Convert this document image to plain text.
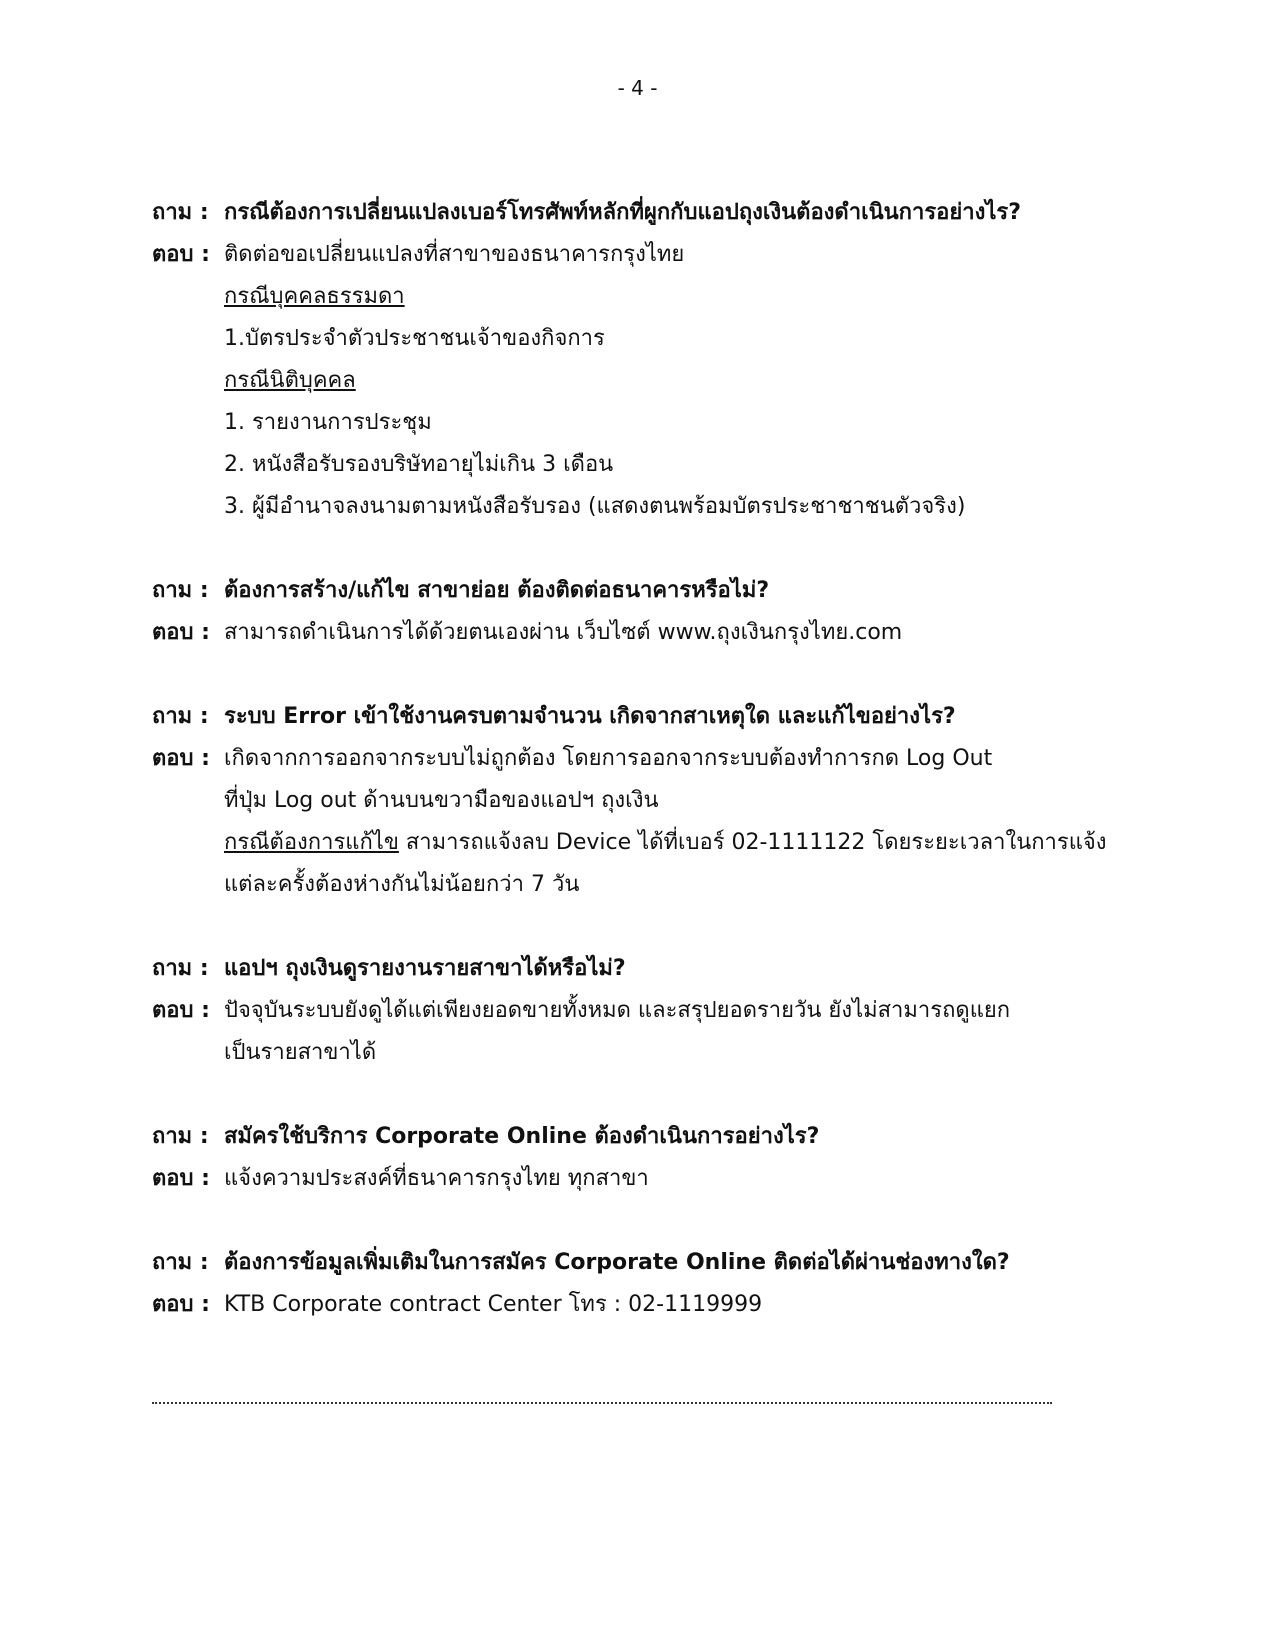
- 4 -
ถาม : กรณีต้องการเปลี่ยนแปลงเบอร์โทรศัพท์หลักที่ผูกกับแอปถุงเงินต้องดำเนินการอย่างไร?
ตอบ : ติดต่อขอเปลี่ยนแปลงที่สาขาของธนาคารกรุงไทย
กรณีบุคคลธรรมดา
1.บัตรประจำตัวประชาชนเจ้าของกิจการ
กรณีนิติบุคคล
1. รายงานการประชุม
2. หนังสือรับรองบริษัทอายุไม่เกิน 3 เดือน
3. ผู้มีอำนาจลงนามตามหนังสือรับรอง (แสดงตนพร้อมบัตรประชาชาชนตัวจริง)
ถาม : ต้องการสร้าง/แก้ไข สาขาย่อย ต้องติดต่อธนาคารหรือไม่?
ตอบ : สามารถดำเนินการได้ด้วยตนเองผ่าน เว็บไซต์ www.ถุงเงินกรุงไทย.com
ถาม : ระบบ Error เข้าใช้งานครบตามจำนวน เกิดจากสาเหตุใด และแก้ไขอย่างไร?
ตอบ : เกิดจากการออกจากระบบไม่ถูกต้อง โดยการออกจากระบบต้องทำการกด Log Out
ที่ปุ่ม Log out ด้านบนขวามือของแอปฯ ถุงเงิน
กรณีต้องการแก้ไข สามารถแจ้งลบ Device ได้ที่เบอร์ 02-1111122 โดยระยะเวลาในการแจ้ง
แต่ละครั้งต้องห่างกันไม่น้อยกว่า 7 วัน
ถาม : แอปฯ ถุงเงินดูรายงานรายสาขาได้หรือไม่?
ตอบ : ปัจจุบันระบบยังดูได้แต่เพียงยอดขายทั้งหมด และสรุปยอดรายวัน ยังไม่สามารถดูแยก
เป็นรายสาขาได้
ถาม : สมัครใช้บริการ Corporate Online ต้องดำเนินการอย่างไร?
ตอบ : แจ้งความประสงค์ที่ธนาคารกรุงไทย ทุกสาขา
ถาม : ต้องการข้อมูลเพิ่มเติมในการสมัคร Corporate Online ติดต่อได้ผ่านช่องทางใด?
ตอบ : KTB Corporate contract Center โทร : 02-1119999
